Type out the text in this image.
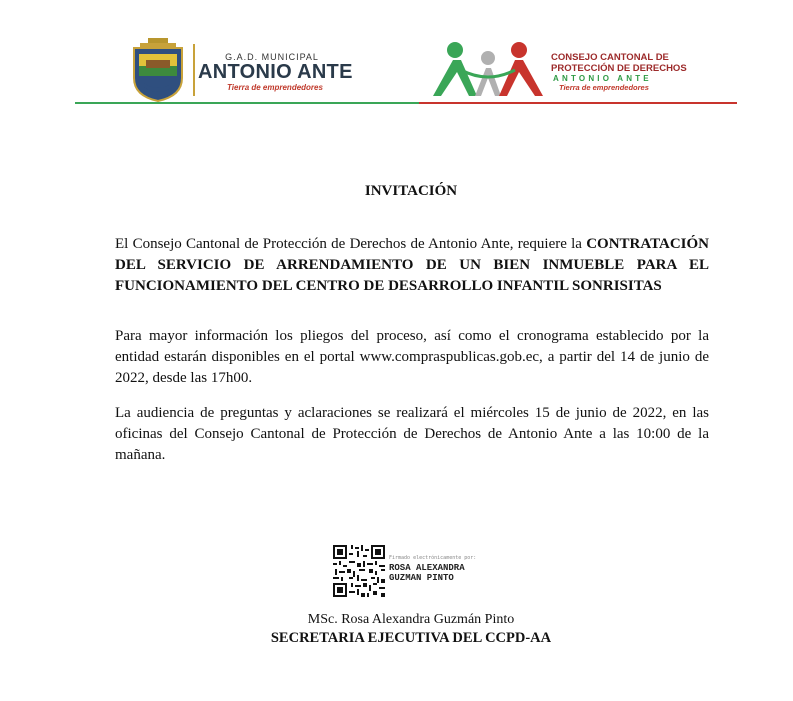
G.A.D. MUNICIPAL
ANTONIO ANTE
Tierra de emprendedores
CONSEJO CANTONAL DE
PROTECCIÓN DE DERECHOS
ANTONIO ANTE
Tierra de emprendedores
INVITACIÓN

El Consejo Cantonal de Protección de Derechos de Antonio Ante, requiere la CONTRATACIÓN DEL SERVICIO DE ARRENDAMIENTO DE UN BIEN INMUEBLE PARA EL FUNCIONAMIENTO DEL CENTRO DE DESARROLLO INFANTIL SONRISITAS

Para mayor información los pliegos del proceso, así como el cronograma establecido por la entidad estarán disponibles en el portal www.compraspublicas.gob.ec, a partir del 14 de junio de 2022, desde las 17h00.

La audiencia de preguntas y aclaraciones se realizará el miércoles 15 de junio de 2022, en las oficinas del Consejo Cantonal de Protección de Derechos de Antonio Ante a las 10:00 de la mañana.

Firmado electrónicamente por:
ROSA ALEXANDRA
GUZMAN PINTO
MSc. Rosa Alexandra Guzmán Pinto
SECRETARIA EJECUTIVA DEL CCPD-AA
